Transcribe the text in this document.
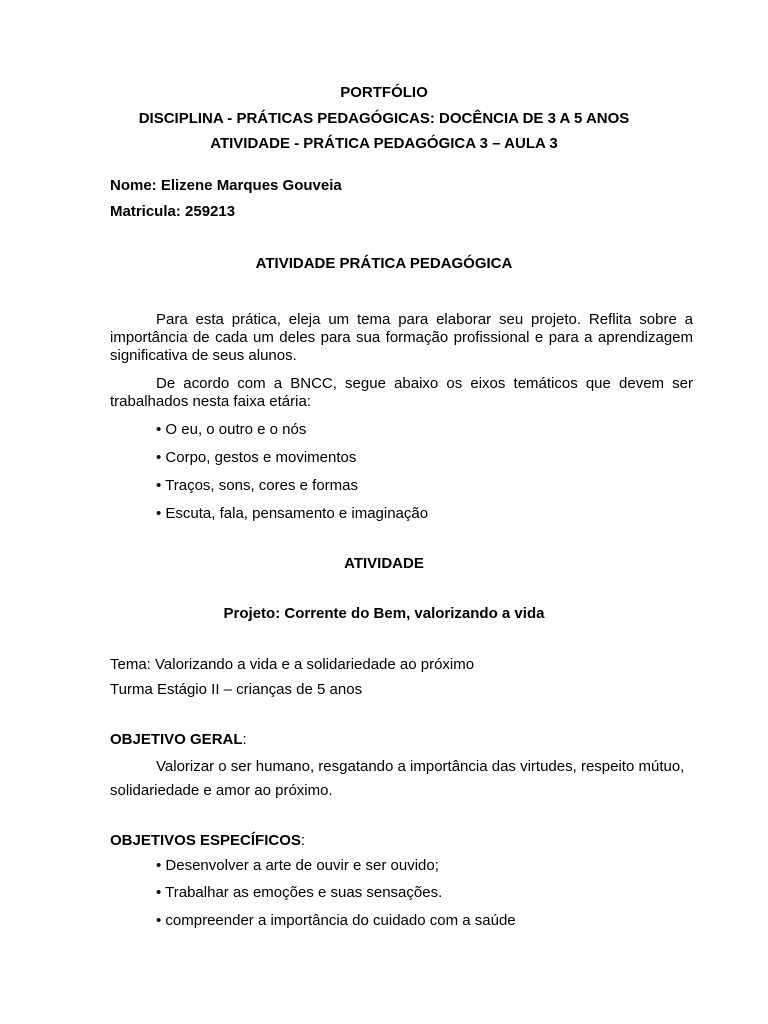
PORTFÓLIO
DISCIPLINA - PRÁTICAS PEDAGÓGICAS: DOCÊNCIA DE 3 A 5 ANOS
ATIVIDADE - PRÁTICA PEDAGÓGICA 3 – AULA 3
Nome: Elizene Marques Gouveia
Matricula: 259213
ATIVIDADE PRÁTICA PEDAGÓGICA
Para esta prática, eleja um tema para elaborar seu projeto. Reflita sobre a
importância de cada um deles para sua formação profissional e para a aprendizagem
significativa de seus alunos.
De acordo com a BNCC, segue abaixo os eixos temáticos que devem ser
trabalhados nesta faixa etária:
• O eu, o outro e o nós
• Corpo, gestos e movimentos
• Traços, sons, cores e formas
• Escuta, fala, pensamento e imaginação
ATIVIDADE
Projeto: Corrente do Bem, valorizando a vida
Tema: Valorizando a vida e a solidariedade ao próximo
Turma Estágio II – crianças de 5 anos
OBJETIVO GERAL:
Valorizar o ser humano, resgatando a importância das virtudes, respeito mútuo,
solidariedade e amor ao próximo.
OBJETIVOS ESPECÍFICOS:
• Desenvolver a arte de ouvir e ser ouvido;
• Trabalhar as emoções e suas sensações.
• compreender a importância do cuidado com a saúde
